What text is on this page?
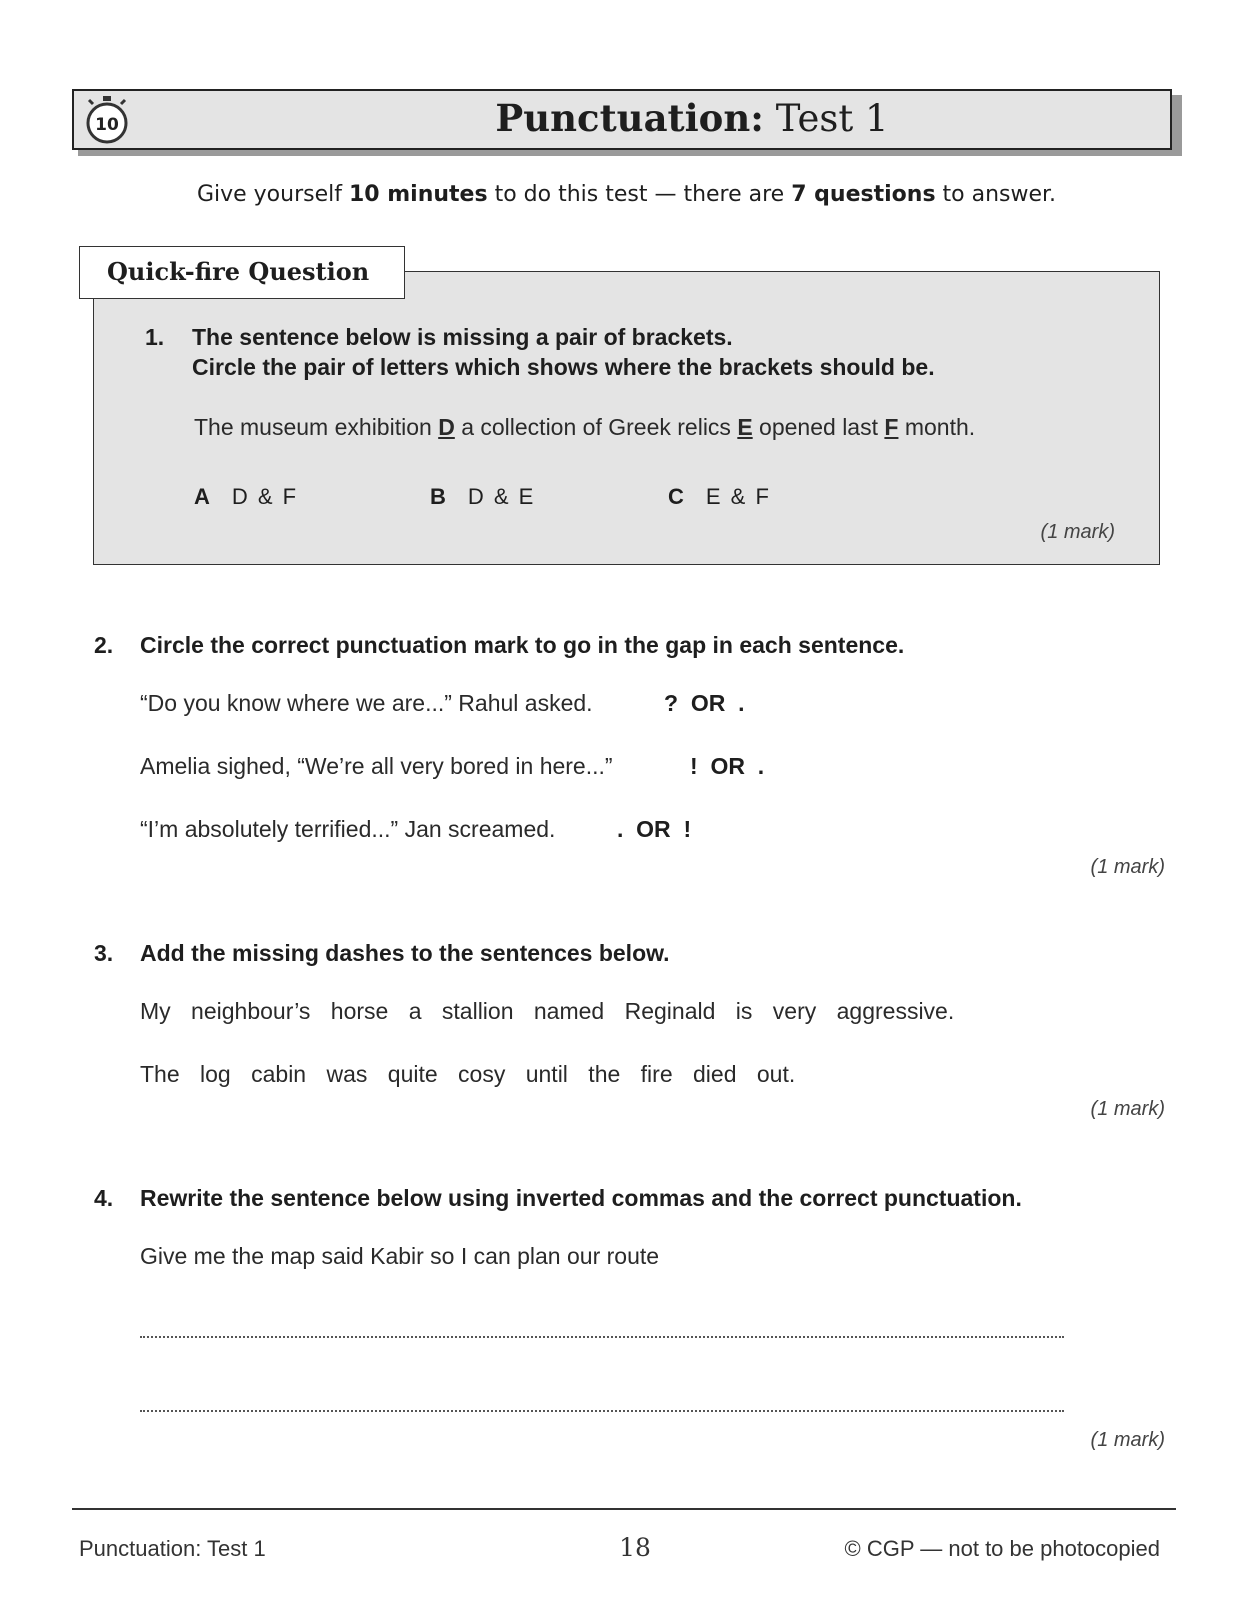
10	Punctuation: Test 1
Give yourself 10 minutes to do this test — there are 7 questions to answer.
Quick-fire Question
1. The sentence below is missing a pair of brackets.
Circle the pair of letters which shows where the brackets should be.
The museum exhibition D a collection of Greek relics E opened last F month.
A D & F	B D & E	C E & F
(1 mark)
2. Circle the correct punctuation mark to go in the gap in each sentence.
“Do you know where we are...” Rahul asked.	?  OR  .
Amelia sighed, “We’re all very bored in here...”	!  OR  .
“I’m absolutely terrified...” Jan screamed.	.  OR  !
(1 mark)
3. Add the missing dashes to the sentences below.
My neighbour’s horse a stallion named Reginald is very aggressive.
The log cabin was quite cosy until the fire died out.
(1 mark)
4. Rewrite the sentence below using inverted commas and the correct punctuation.
Give me the map said Kabir so I can plan our route
(1 mark)
Punctuation: Test 1	18	© CGP — not to be photocopied
